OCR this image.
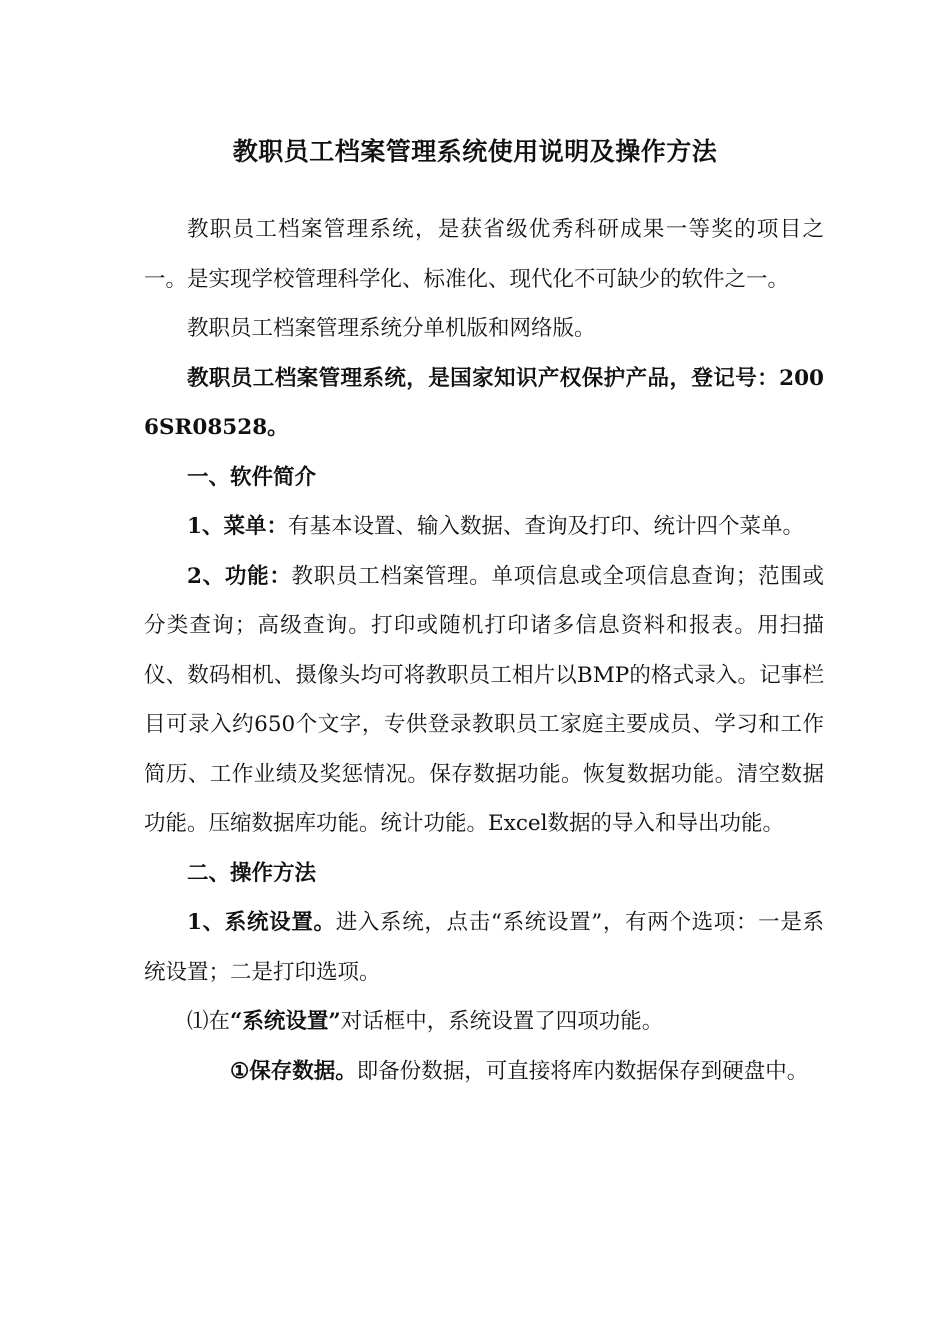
教职员工档案管理系统使用说明及操作方法

教职员工档案管理系统，是获省级优秀科研成果一等奖的项目之一。是实现学校管理科学化、标准化、现代化不可缺少的软件之一。

教职员工档案管理系统分单机版和网络版。

教职员工档案管理系统，是国家知识产权保护产品，登记号：2006SR08528。

一、软件简介

1、菜单：有基本设置、输入数据、查询及打印、统计四个菜单。

2、功能：教职员工档案管理。单项信息或全项信息查询；范围或分类查询；高级查询。打印或随机打印诸多信息资料和报表。用扫描仪、数码相机、摄像头均可将教职员工相片以BMP的格式录入。记事栏目可录入约650个文字，专供登录教职员工家庭主要成员、学习和工作简历、工作业绩及奖惩情况。保存数据功能。恢复数据功能。清空数据功能。压缩数据库功能。统计功能。Excel数据的导入和导出功能。

二、操作方法

1、系统设置。进入系统，点击“系统设置”，有两个选项：一是系统设置；二是打印选项。

⑴在“系统设置”对话框中，系统设置了四项功能。

①保存数据。即备份数据，可直接将库内数据保存到硬盘中。
